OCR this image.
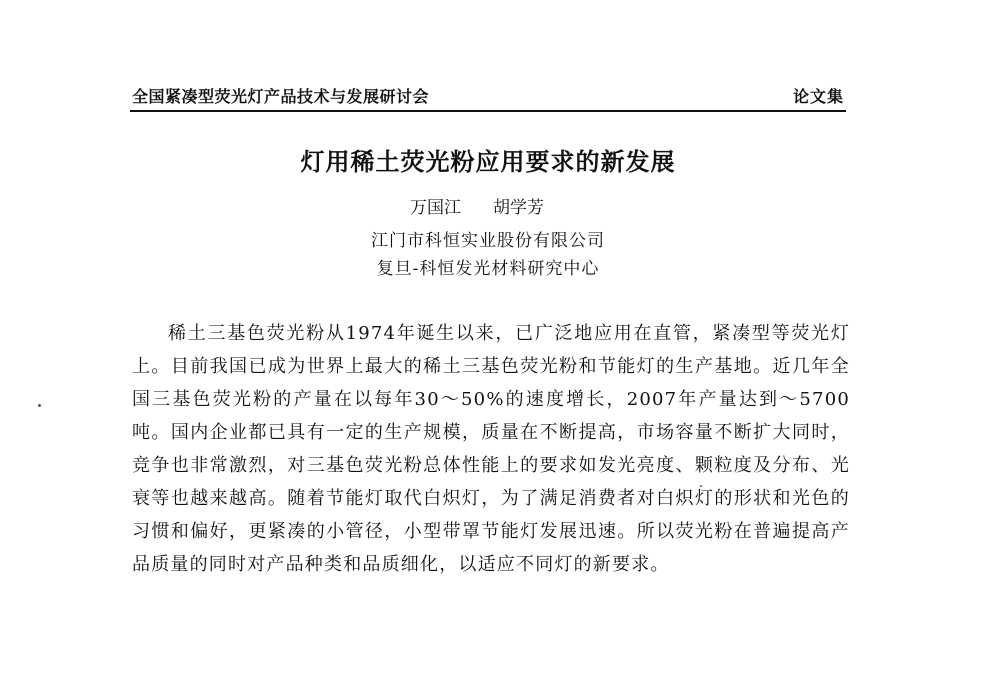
全国紧凑型荧光灯产品技术与发展研讨会	论文集
灯用稀土荧光粉应用要求的新发展
万国江 胡学芳
江门市科恒实业股份有限公司
复旦-科恒发光材料研究中心

稀土三基色荧光粉从1974年诞生以来，已广泛地应用在直管，紧凑型等荧光灯上。目前我国已成为世界上最大的稀土三基色荧光粉和节能灯的生产基地。近几年全国三基色荧光粉的产量在以每年30～50%的速度增长，2007年产量达到～5700吨。国内企业都已具有一定的生产规模，质量在不断提高，市场容量不断扩大同时，竞争也非常激烈，对三基色荧光粉总体性能上的要求如发光亮度、颗粒度及分布、光衰等也越来越高。随着节能灯取代白炽灯，为了满足消费者对白炽灯的形状和光色的习惯和偏好，更紧凑的小管径，小型带罩节能灯发展迅速。所以荧光粉在普遍提高产品质量的同时对产品种类和品质细化，以适应不同灯的新要求。
